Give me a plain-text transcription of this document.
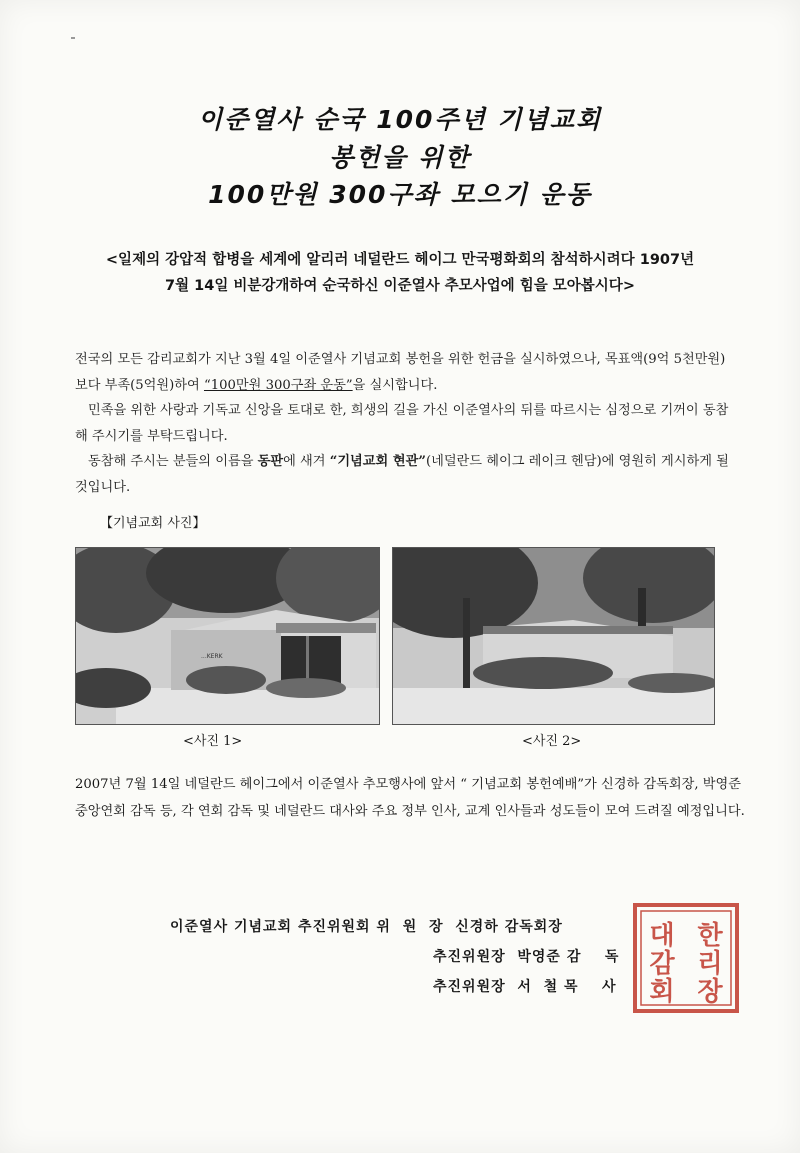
이준열사 순국 100주년 기념교회
봉헌을 위한
100만원 300구좌 모으기 운동
<일제의 강압적 합병을 세계에 알리러 네덜란드 헤이그 만국평화회의 참석하시려다 1907년
7월 14일 비분강개하여 순국하신 이준열사 추모사업에 힘을 모아봅시다>

전국의 모든 감리교회가 지난 3월 4일 이준열사 기념교회 봉헌을 위한 헌금을 실시하였으나, 목표액(9억 5천만원)보다 부족(5억원)하여 “100만원 300구좌 운동”을 실시합니다.

민족을 위한 사랑과 기독교 신앙을 토대로 한, 희생의 길을 가신 이준열사의 뒤를 따르시는 심정으로 기꺼이 동참해 주시기를 부탁드립니다.

동참해 주시는 분들의 이름을 동판에 새겨 “기념교회 현관”(네덜란드 헤이그 레이크 헨담)에 영원히 게시하게 될 것입니다.

【기념교회 사진】
...KERK
<사진 1>	<사진 2>
2007년 7월 14일 네덜란드 헤이그에서 이준열사 추모행사에 앞서 “ 기념교회 봉헌예배”가 신경하 감독회장, 박영준 중앙연회 감독 등, 각 연회 감독 및 네덜란드 대사와 주요 정부 인사, 교계 인사들과 성도들이 모여 드려질 예정입니다.
이준열사 기념교회 추진위원회 위  원  장  신경하 감독회장
추진위원장  박영준 감    독
추진위원장  서  철 목    사
대 한
감 리
회 장
